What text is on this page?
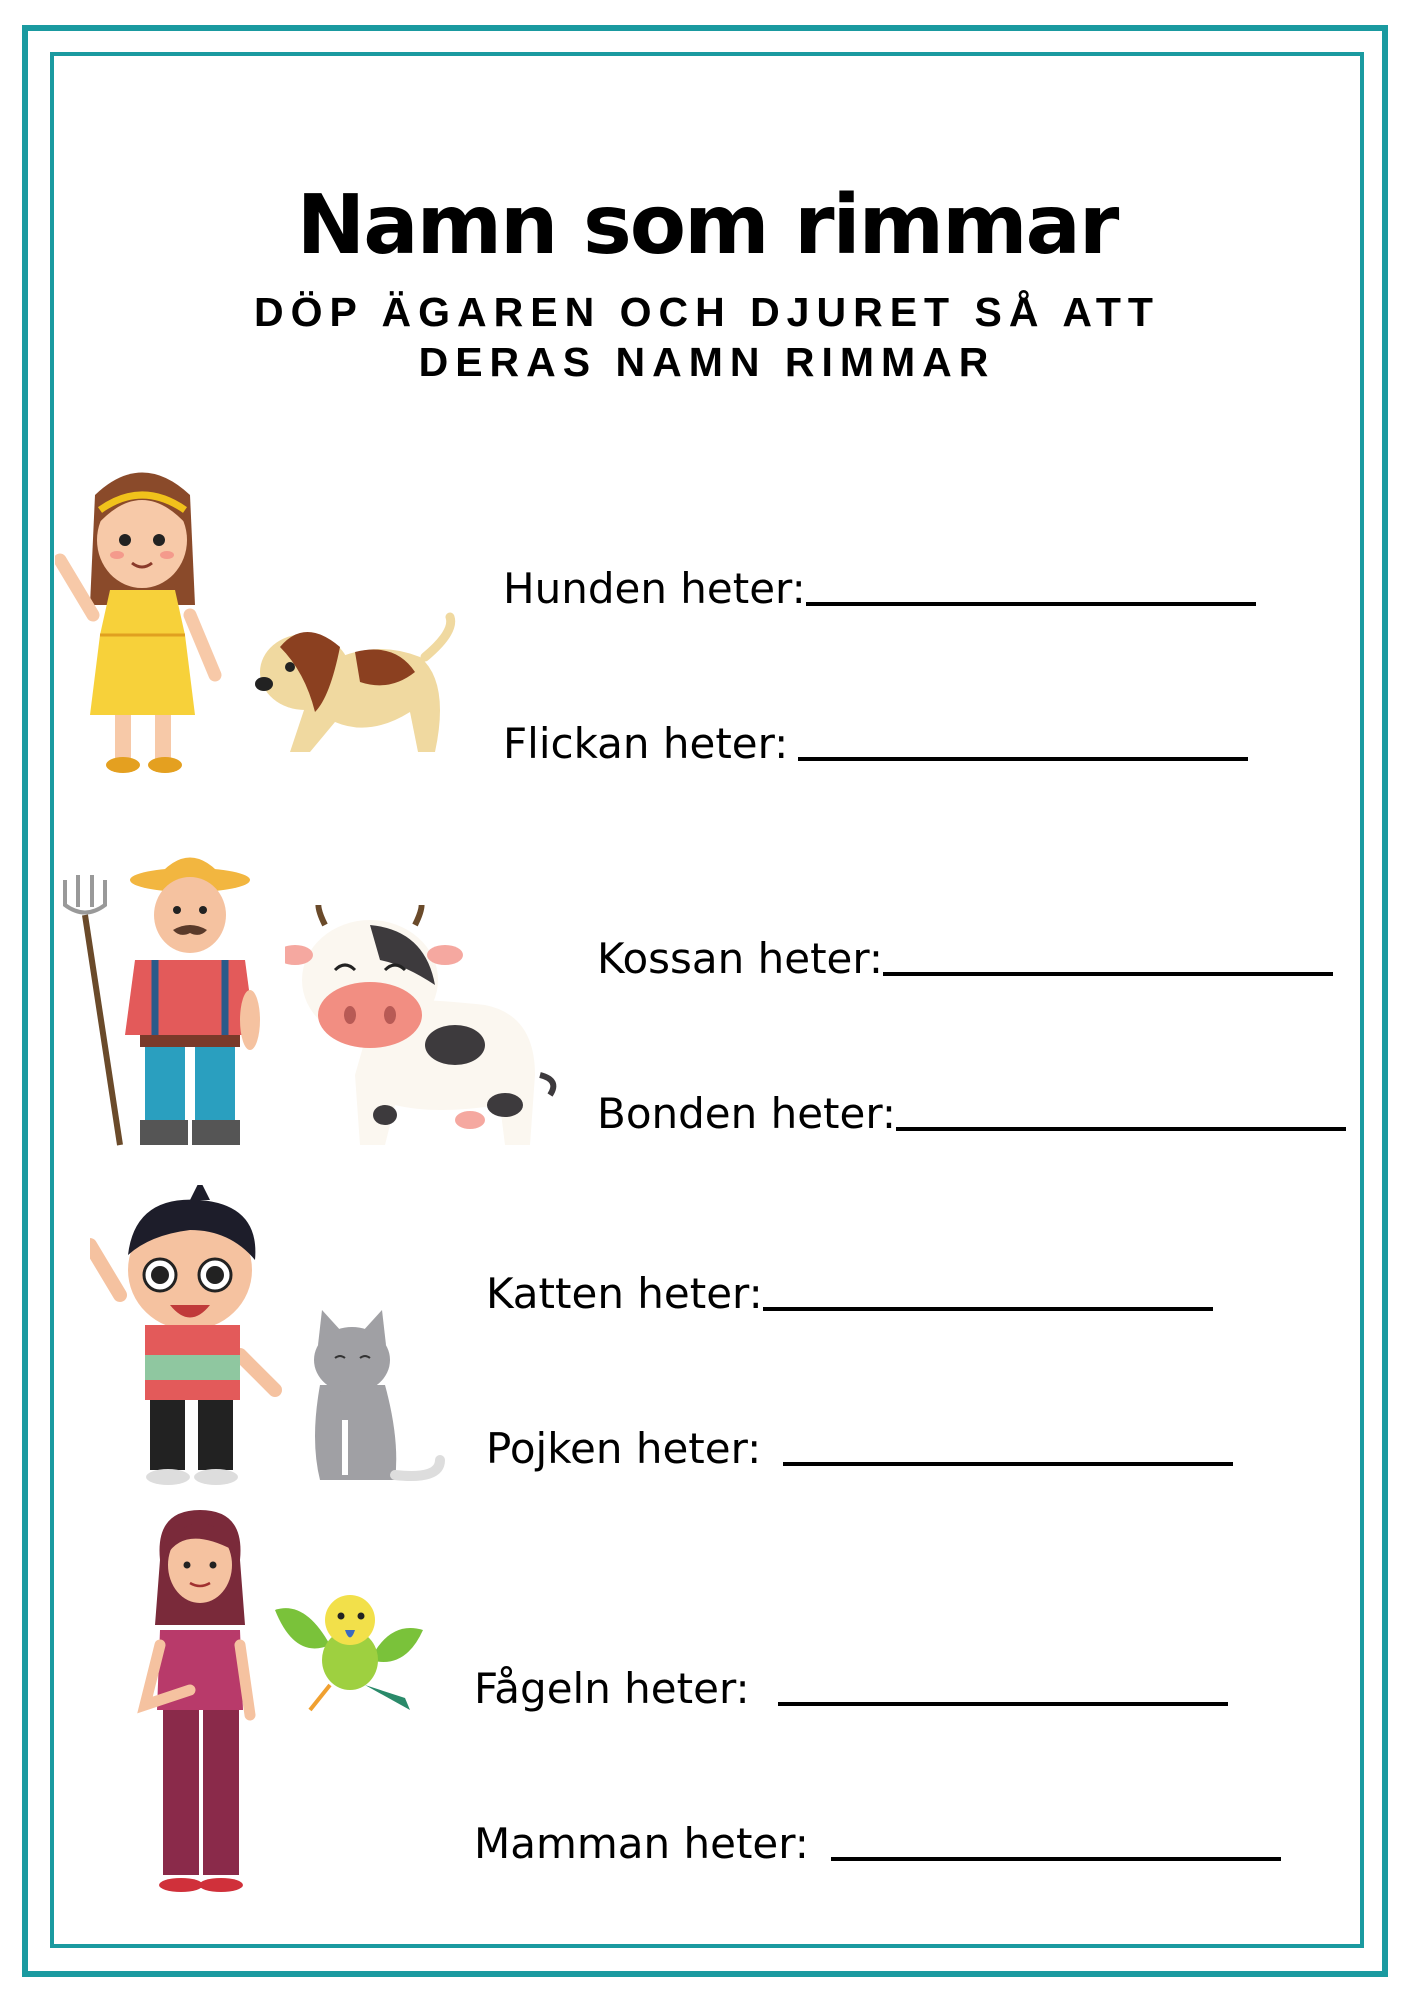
Namn som rimmar
DÖP ÄGAREN OCH DJURET SÅ ATT
DERAS NAMN RIMMAR
Hunden heter:
Flickan heter:
Kossan heter:
Bonden heter:
Katten heter:
Pojken heter:
Fågeln heter:
Mamman heter:
